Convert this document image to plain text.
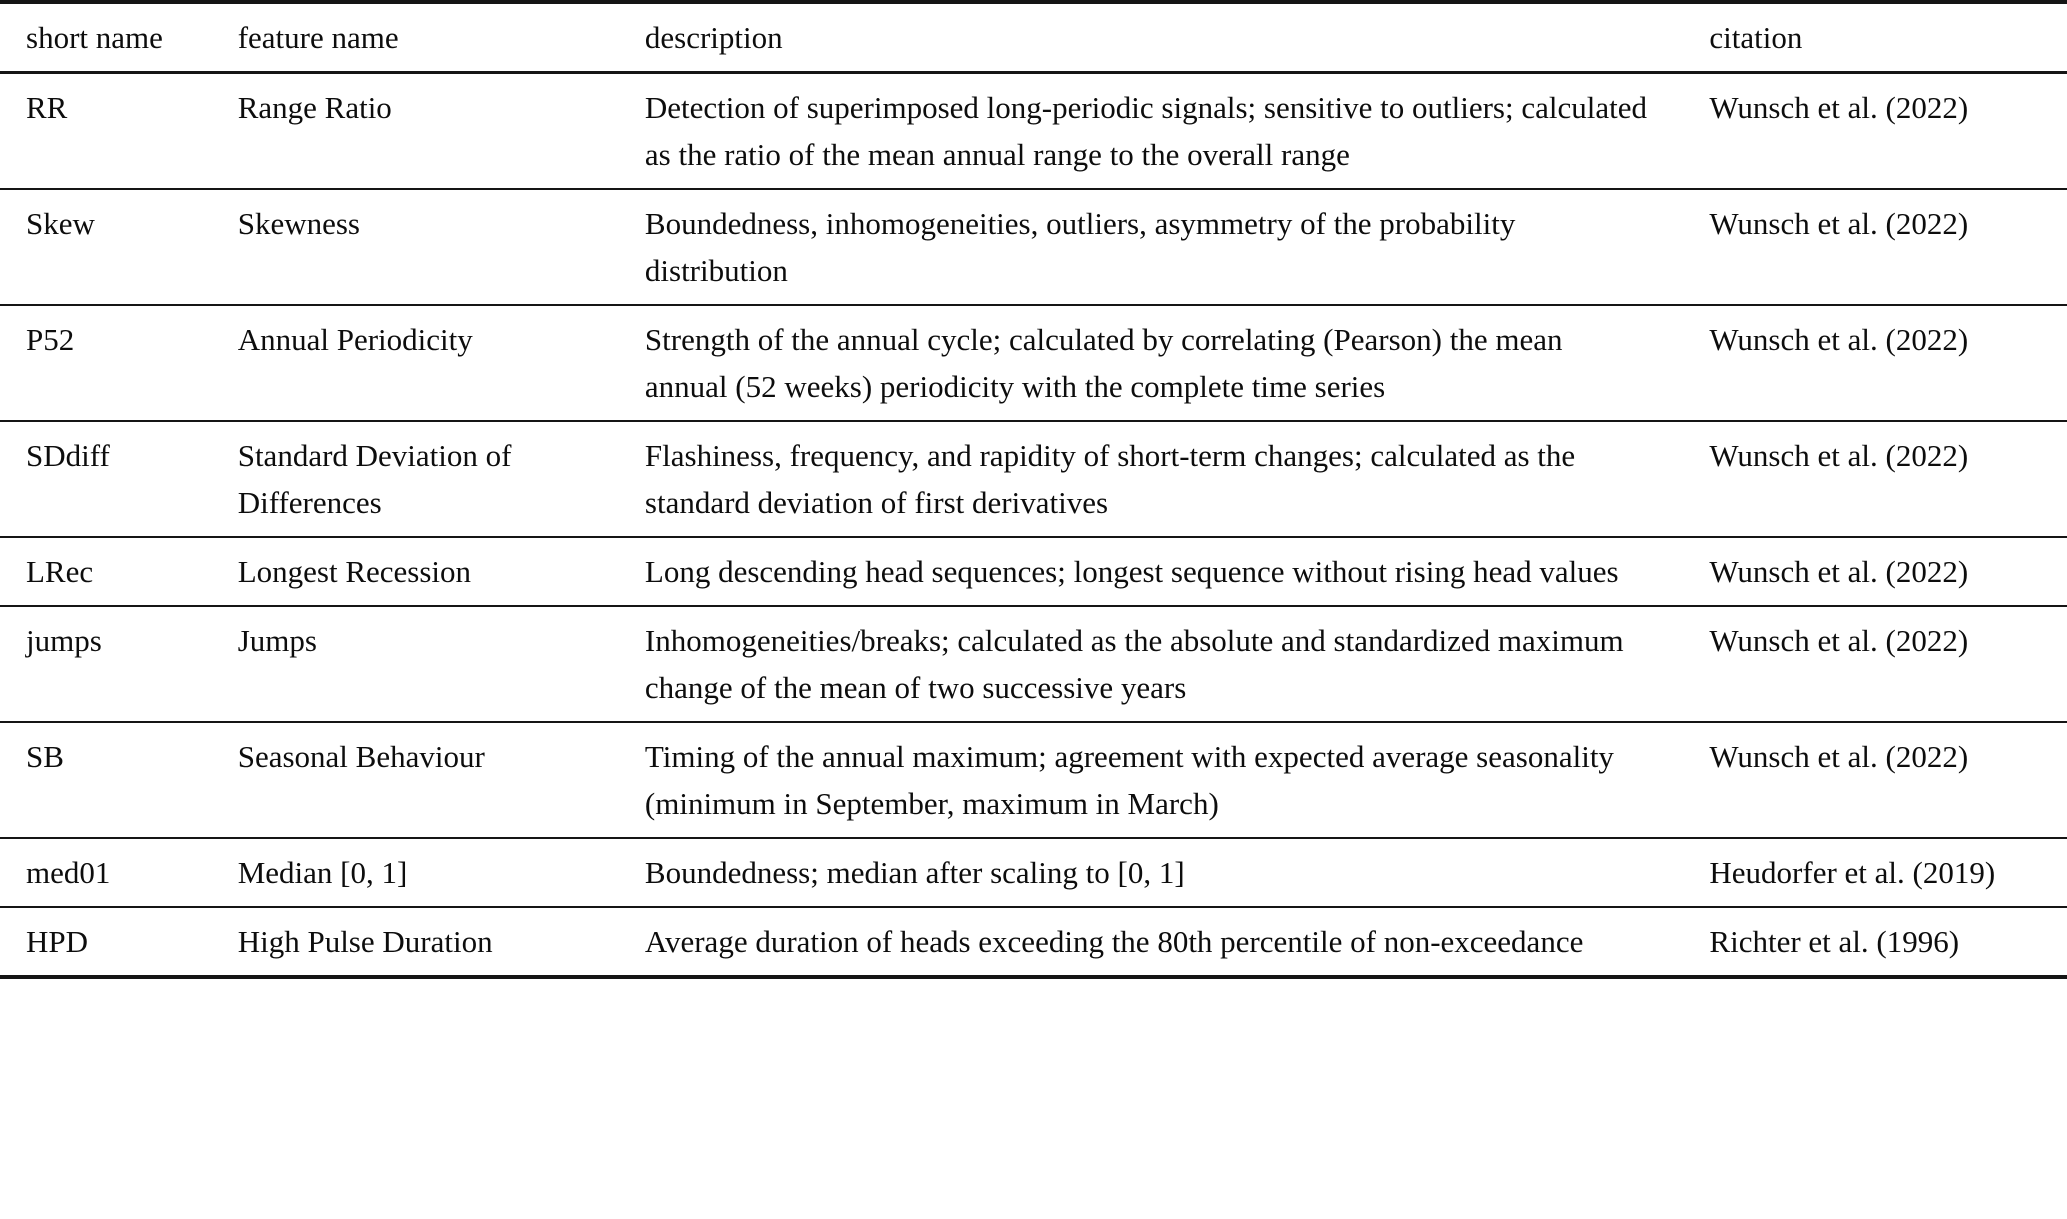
short name	feature name	description	citation
RR	Range Ratio	Detection of superimposed long-periodic signals; sensitive to outliers; calculated as the ratio of the mean annual range to the overall range	Wunsch et al. (2022)
Skew	Skewness	Boundedness, inhomogeneities, outliers, asymmetry of the probability distribution	Wunsch et al. (2022)
P52	Annual Periodicity	Strength of the annual cycle; calculated by correlating (Pearson) the mean annual (52 weeks) periodicity with the complete time series	Wunsch et al. (2022)
SDdiff	Standard Deviation of Differences	Flashiness, frequency, and rapidity of short-term changes; calculated as the standard deviation of first derivatives	Wunsch et al. (2022)
LRec	Longest Recession	Long descending head sequences; longest sequence without rising head values	Wunsch et al. (2022)
jumps	Jumps	Inhomogeneities/breaks; calculated as the absolute and standardized maximum change of the mean of two successive years	Wunsch et al. (2022)
SB	Seasonal Behaviour	Timing of the annual maximum; agreement with expected average seasonality (minimum in September, maximum in March)	Wunsch et al. (2022)
med01	Median [0, 1]	Boundedness; median after scaling to [0, 1]	Heudorfer et al. (2019)
HPD	High Pulse Duration	Average duration of heads exceeding the 80th percentile of non-exceedance	Richter et al. (1996)
